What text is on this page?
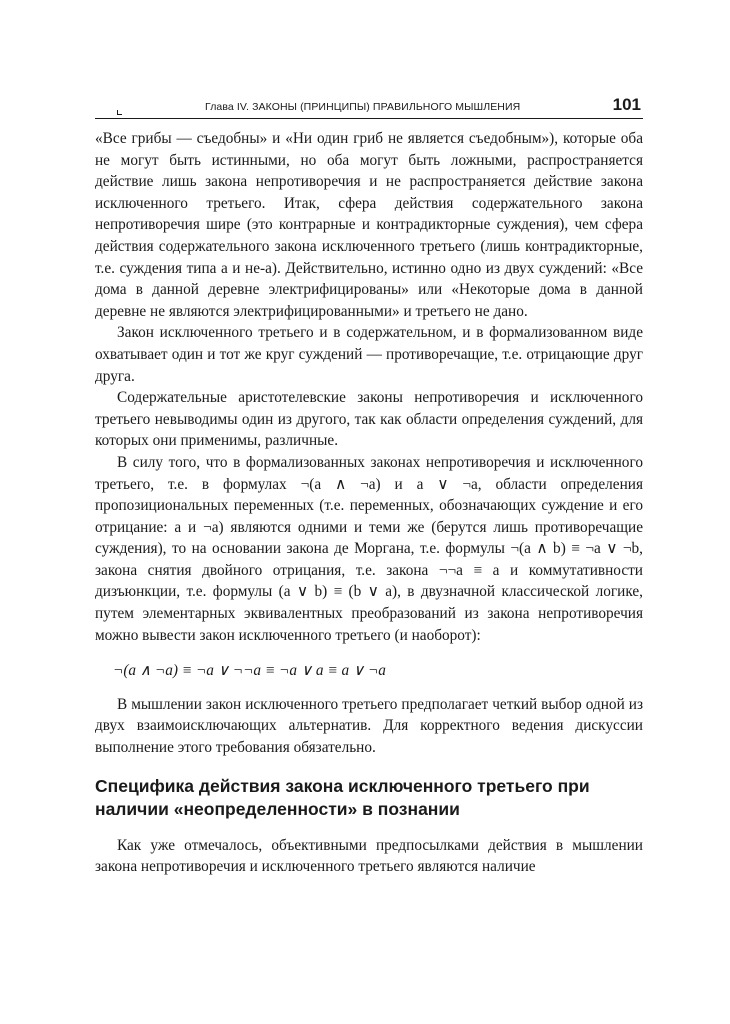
Глава IV. ЗАКОНЫ (ПРИНЦИПЫ) ПРАВИЛЬНОГО МЫШЛЕНИЯ	101

«Все грибы — съедобны» и «Ни один гриб не является съедобным»), которые оба не могут быть истинными, но оба могут быть ложными, распространяется действие лишь закона непротиворечия и не распространяется действие закона исключенного третьего. Итак, сфера действия содержательного закона непротиворечия шире (это контрарные и контрадикторные суждения), чем сфера действия содержательного закона исключенного третьего (лишь контрадикторные, т.е. суждения типа а и не-а). Действительно, истинно одно из двух суждений: «Все дома в данной деревне электрифицированы» или «Некоторые дома в данной деревне не являются электрифицированными» и третьего не дано.

Закон исключенного третьего и в содержательном, и в формализованном виде охватывает один и тот же круг суждений — противоречащие, т.е. отрицающие друг друга.

Содержательные аристотелевские законы непротиворечия и исключенного третьего невыводимы один из другого, так как области определения суждений, для которых они применимы, различные.

В силу того, что в формализованных законах непротиворечия и исключенного третьего, т.е. в формулах ¬(а ∧ ¬а) и а ∨ ¬а, области определения пропозициональных переменных (т.е. переменных, обозначающих суждение и его отрицание: а и ¬а) являются одними и теми же (берутся лишь противоречащие суждения), то на основании закона де Моргана, т.е. формулы ¬(а ∧ b) ≡ ¬а ∨ ¬b, закона снятия двойного отрицания, т.е. закона ¬¬а ≡ а и коммутативности дизъюнкции, т.е. формулы (а ∨ b) ≡ (b ∨ а), в двузначной классической логике, путем элементарных эквивалентных преобразований из закона непротиворечия можно вывести закон исключенного третьего (и наоборот):

¬(а ∧ ¬а) ≡ ¬а ∨ ¬¬а ≡ ¬а ∨ а ≡ а ∨ ¬а

В мышлении закон исключенного третьего предполагает четкий выбор одной из двух взаимоисключающих альтернатив. Для корректного ведения дискуссии выполнение этого требования обязательно.

Специфика действия закона исключенного третьего при наличии «неопределенности» в познании

Как уже отмечалось, объективными предпосылками действия в мышлении закона непротиворечия и исключенного третьего являются наличие
